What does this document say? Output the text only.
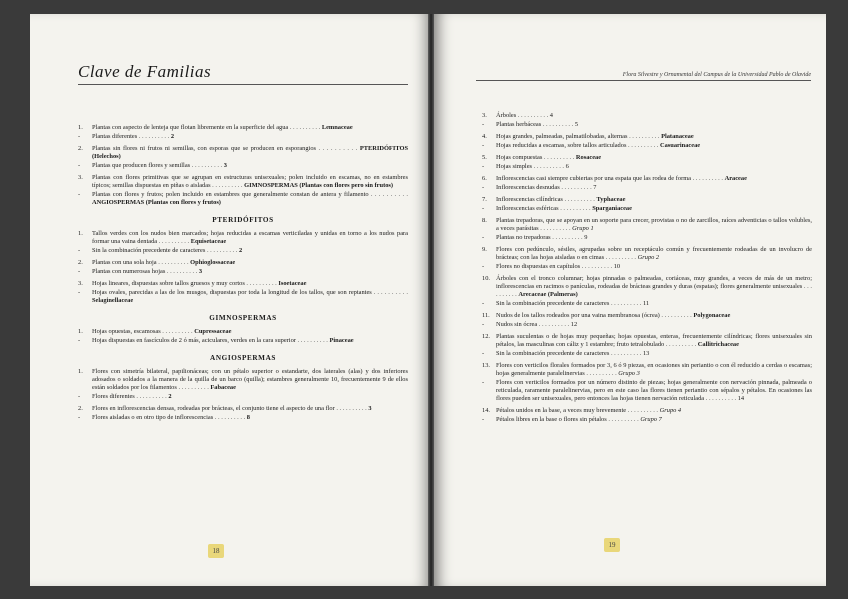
Clave de Familias
1.	Plantas con aspecto de lenteja que flotan libremente en la superficie del agua . . . . . . . . . . Lemnaceae
-	Plantas diferentes . . . . . . . . . . 2
2.	Plantas sin flores ni frutos ni semillas, con esporas que se producen en esporangios . . . . . . . . . . PTERIDÓFITOS (Helechos)
-	Plantas que producen flores y semillas . . . . . . . . . . 3
3.	Plantas con flores primitivas que se agrupan en estructuras unisexuales; polen incluido en escamas, no en estambres típicos; semillas dispuestas en piñas o aisladas . . . . . . . . . . GIMNOSPERMAS (Plantas con flores pero sin frutos)
-	Plantas con flores y frutos; polen incluido en estambres que generalmente constan de antera y filamento . . . . . . . . . . ANGIOSPERMAS (Plantas con flores y frutos)
PTERIDÓFITOS
1.	Tallos verdes con los nudos bien marcados; hojas reducidas a escamas verticiladas y unidas en torno a los nudos para formar una vaina dentada . . . . . . . . . . Equisetaceae
-	Sin la combinación precedente de caracteres . . . . . . . . . . 2
2.	Plantas con una sola hoja . . . . . . . . . . Ophioglossaceae
-	Plantas con numerosas hojas . . . . . . . . . . 3
3.	Hojas lineares, dispuestas sobre tallos gruesos y muy cortos . . . . . . . . . . Isoetaceae
-	Hojas ovales, parecidas a las de los musgos, dispuestas por toda la longitud de los tallos, que son reptantes . . . . . . . . . . Selaginellaceae
GIMNOSPERMAS
1.	Hojas opuestas, escamosas . . . . . . . . . . Cupressaceae
-	Hojas dispuestas en fascículos de 2 ó más, aciculares, verdes en la cara superior . . . . . . . . . . Pinaceae
ANGIOSPERMAS
1.	Flores con simetría bilateral, papilionáceas; con un pétalo superior o estandarte, dos laterales (alas) y dos inferiores adosados o soldados a la manera de la quilla de un barco (quilla); estambres generalmente 10, frecuentemente 9 de ellos están soldados por los filamentos . . . . . . . . . . Fabaceae
-	Flores diferentes . . . . . . . . . . 2
2.	Flores en inflorescencias densas, rodeadas por brácteas, el conjunto tiene el aspecto de una flor . . . . . . . . . . 3
-	Flores aisladas o en otro tipo de inflorescencias . . . . . . . . . . 8
18
Flora Silvestre y Ornamental del Campus de la Universidad Pablo de Olavide
3.	Árboles . . . . . . . . . . 4
-	Plantas herbáceas . . . . . . . . . . 5
4.	Hojas grandes, palmeadas, palmatilobadas, alternas . . . . . . . . . . Platanaceae
-	Hojas reducidas a escamas, sobre tallos articulados . . . . . . . . . . Casuarinaceae
5.	Hojas compuestas . . . . . . . . . . Rosaceae
-	Hojas simples . . . . . . . . . . 6
6.	Inflorescencias casi siempre cubiertas por una espata que las rodea de forma . . . . . . . . . . Araceae
-	Inflorescencias desnudas . . . . . . . . . . 7
7.	Inflorescencias cilíndricas . . . . . . . . . . Typhaceae
-	Inflorescencias esféricas . . . . . . . . . . Sparganiaceae
8.	Plantas trepadoras, que se apoyan en un soporte para crecer, provistas o no de zarcillos, raíces adventicias o tallos volubles, a veces parásitas . . . . . . . . . . Grupo 1
-	Plantas no trepadoras . . . . . . . . . . 9
9.	Flores con pedúnculo, sésiles, agrupadas sobre un receptáculo común y frecuentemente rodeadas de un involucro de brácteas; con las hojas aisladas o en cimas . . . . . . . . . . Grupo 2
-	Flores no dispuestas en capítulos . . . . . . . . . . 10
10. Árboles con el tronco columnar; hojas pinnadas o palmeadas, coriáceas, muy grandes, a veces de más de un metro; inflorescencias en racimos o panículas, rodeadas de brácteas grandes y duras (espatas); flores generalmente unisexuales . . . . . . . . . . Arecaceae (Palmeras)
-	Sin la combinación precedente de caracteres . . . . . . . . . . 11
11. Nudos de los tallos rodeados por una vaina membranosa (ócrea) . . . . . . . . . . Polygonaceae
-	Nudos sin ócrea . . . . . . . . . . 12
12. Plantas suculentas o de hojas muy pequeñas; hojas opuestas, enteras, frecuentemente cilíndricas; flores unisexuales sin pétalos, las masculinas con cáliz y 1 estambre; fruto tetralobulado . . . . . . . . . . Callitrichaceae
-	Sin la combinación precedente de caracteres . . . . . . . . . . 13
13. Flores con verticilos florales formados por 3, 6 ó 9 piezas, en ocasiones sin periantio o con él reducido a cerdas o escamas; hojas generalmente paralelinervias . . . . . . . . . . Grupo 3
-	Flores con verticilos formados por un número distinto de piezas; hojas generalmente con nervación pinnada, palmeada o reticulada, raramente paralelinervias, pero en este caso las flores tienen periantio con sépalos y pétalos. En ocasiones las flores pueden ser unisexuales, pero entonces las hojas tienen nervación reticulada . . . . . . . . . . 14
14. Pétalos unidos en la base, a veces muy brevemente . . . . . . . . . . Grupo 4
-	Pétalos libres en la base o flores sin pétalos . . . . . . . . . . Grupo 7
19
